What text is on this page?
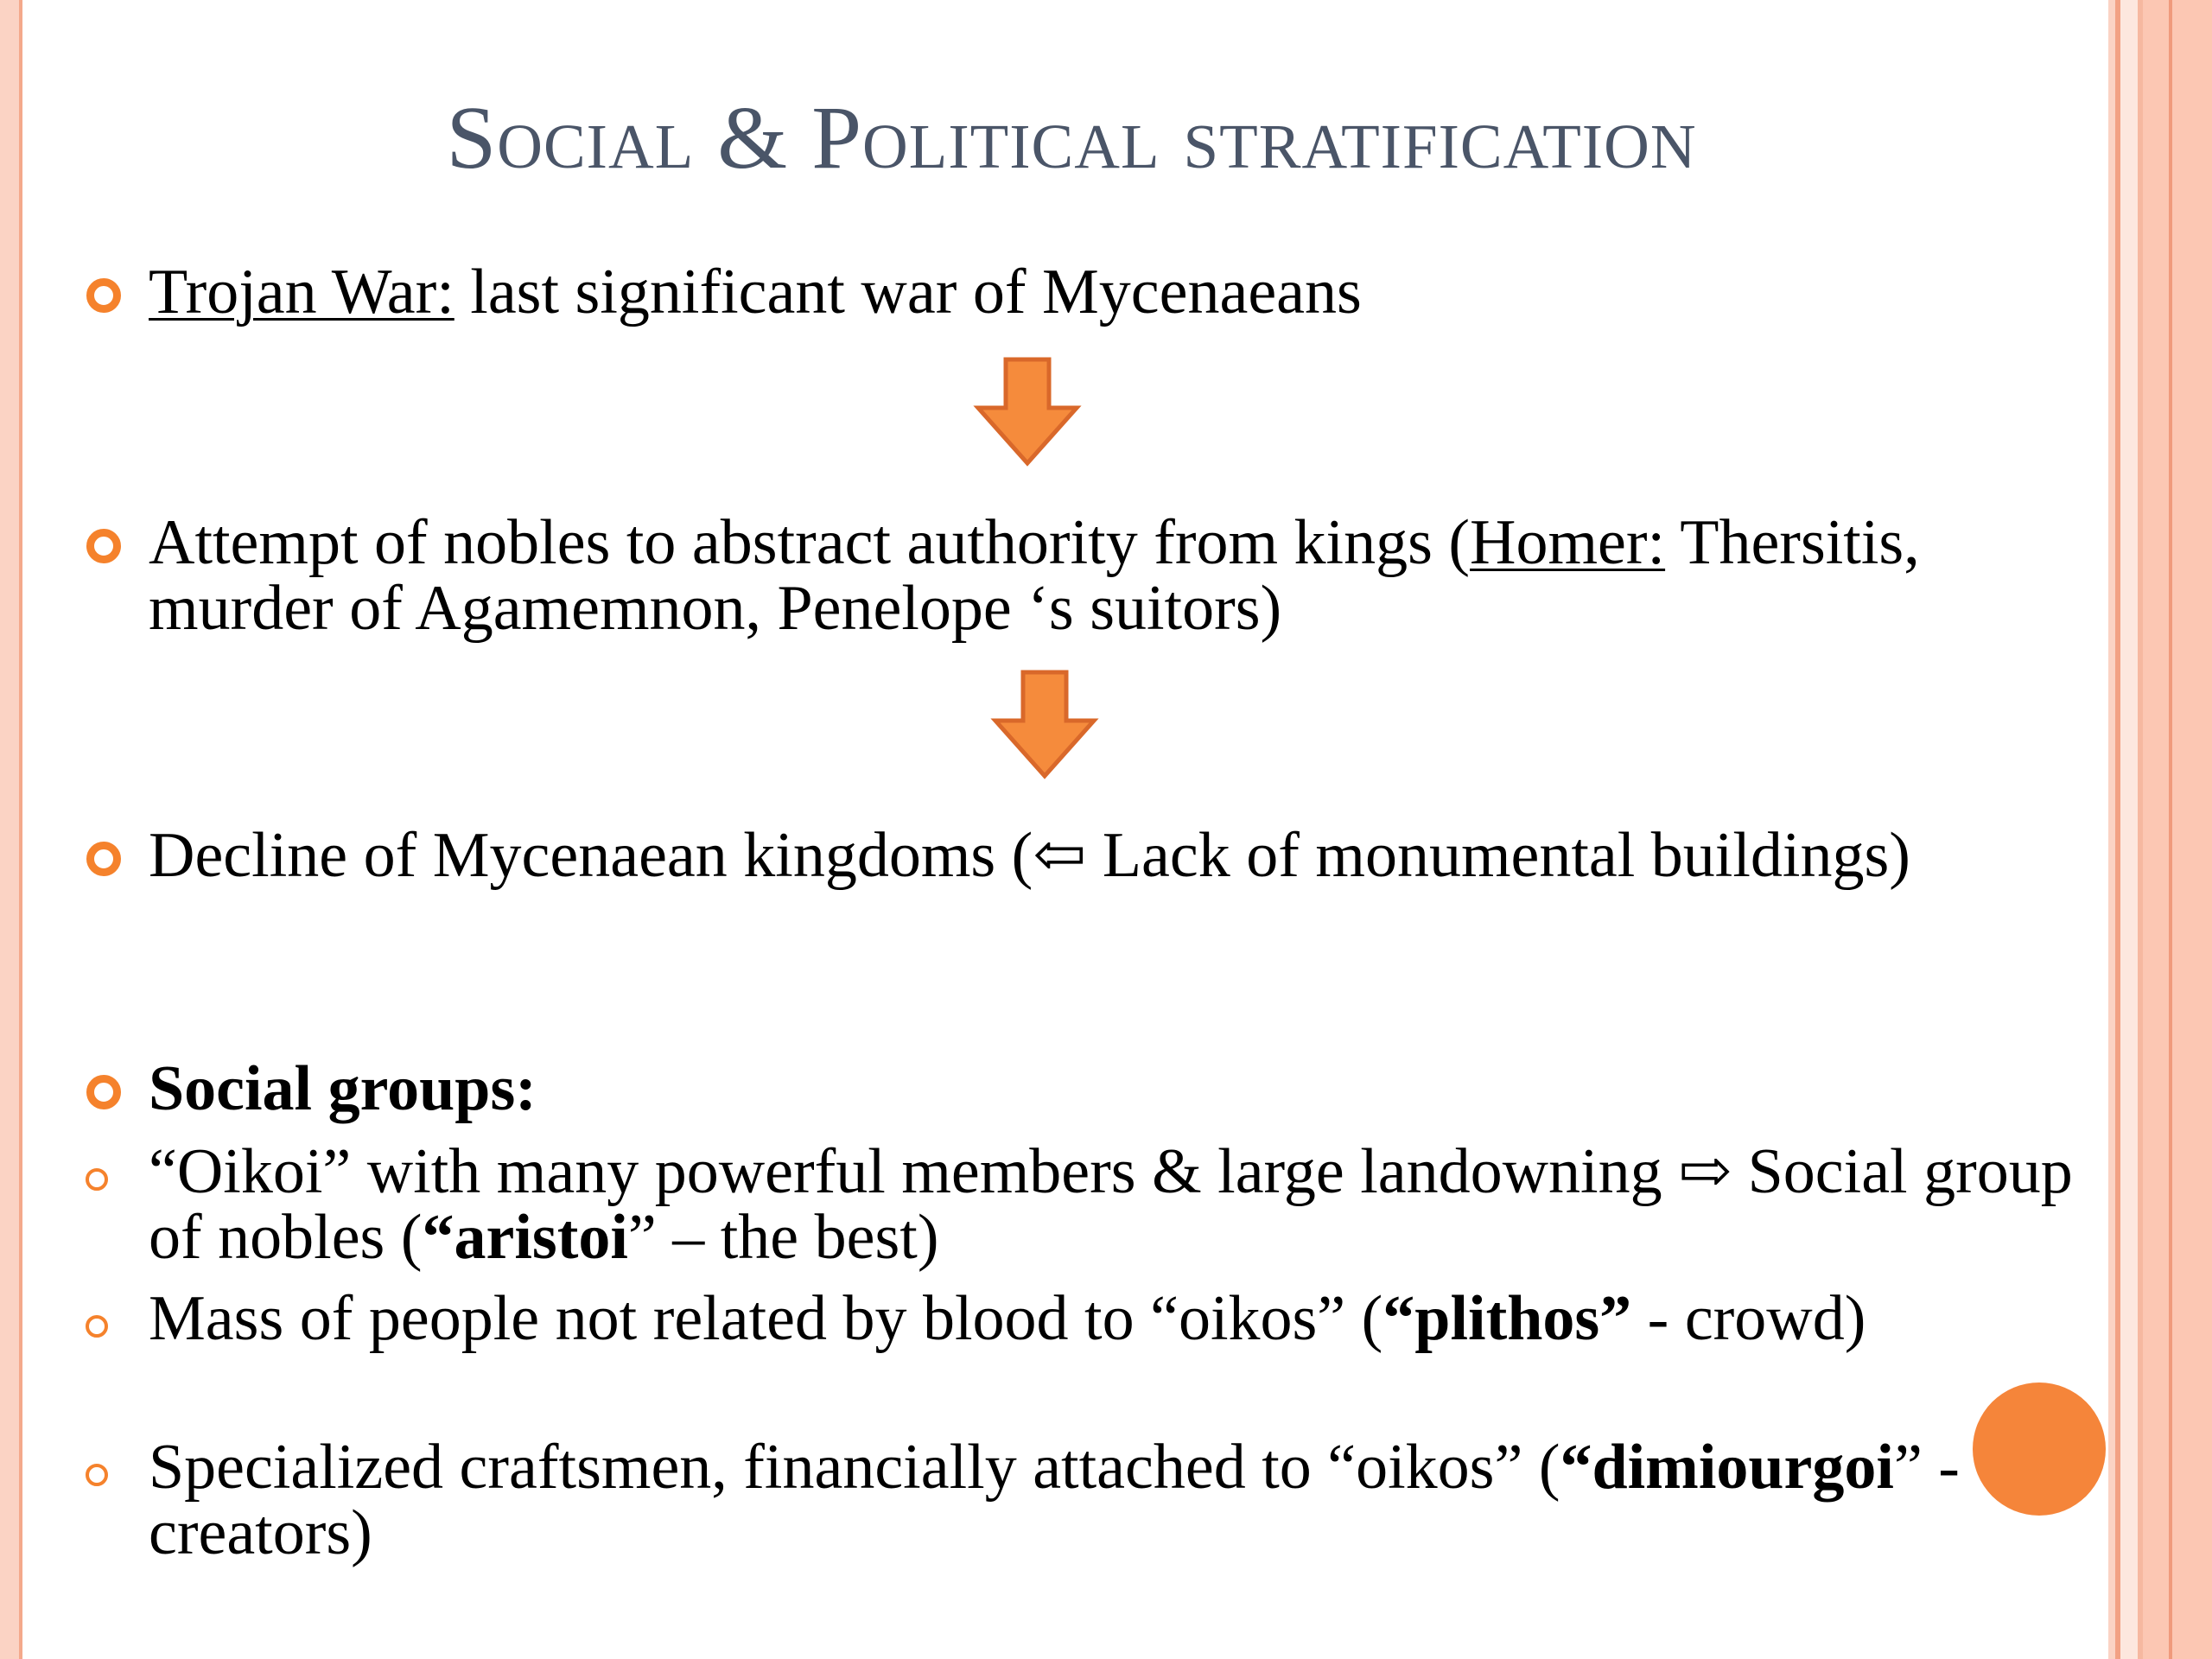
Social & Political stratification
Trojan War: last significant war of Mycenaeans
Attempt of nobles to abstract authority from kings (Homer: Thersitis, murder of Agamemnon, Penelope ‘s suitors)
Decline of Mycenaean kingdoms (⇦ Lack of monumental buildings)
Social groups:
“Oikoi” with many powerful members & large landowning ⇨ Social group of nobles (“aristoi” – the best)
Mass of people not related by blood to “oikos” (“plithos” - crowd)
Specialized craftsmen, financially attached to “oikos” (“dimiourgoi” - creators)
